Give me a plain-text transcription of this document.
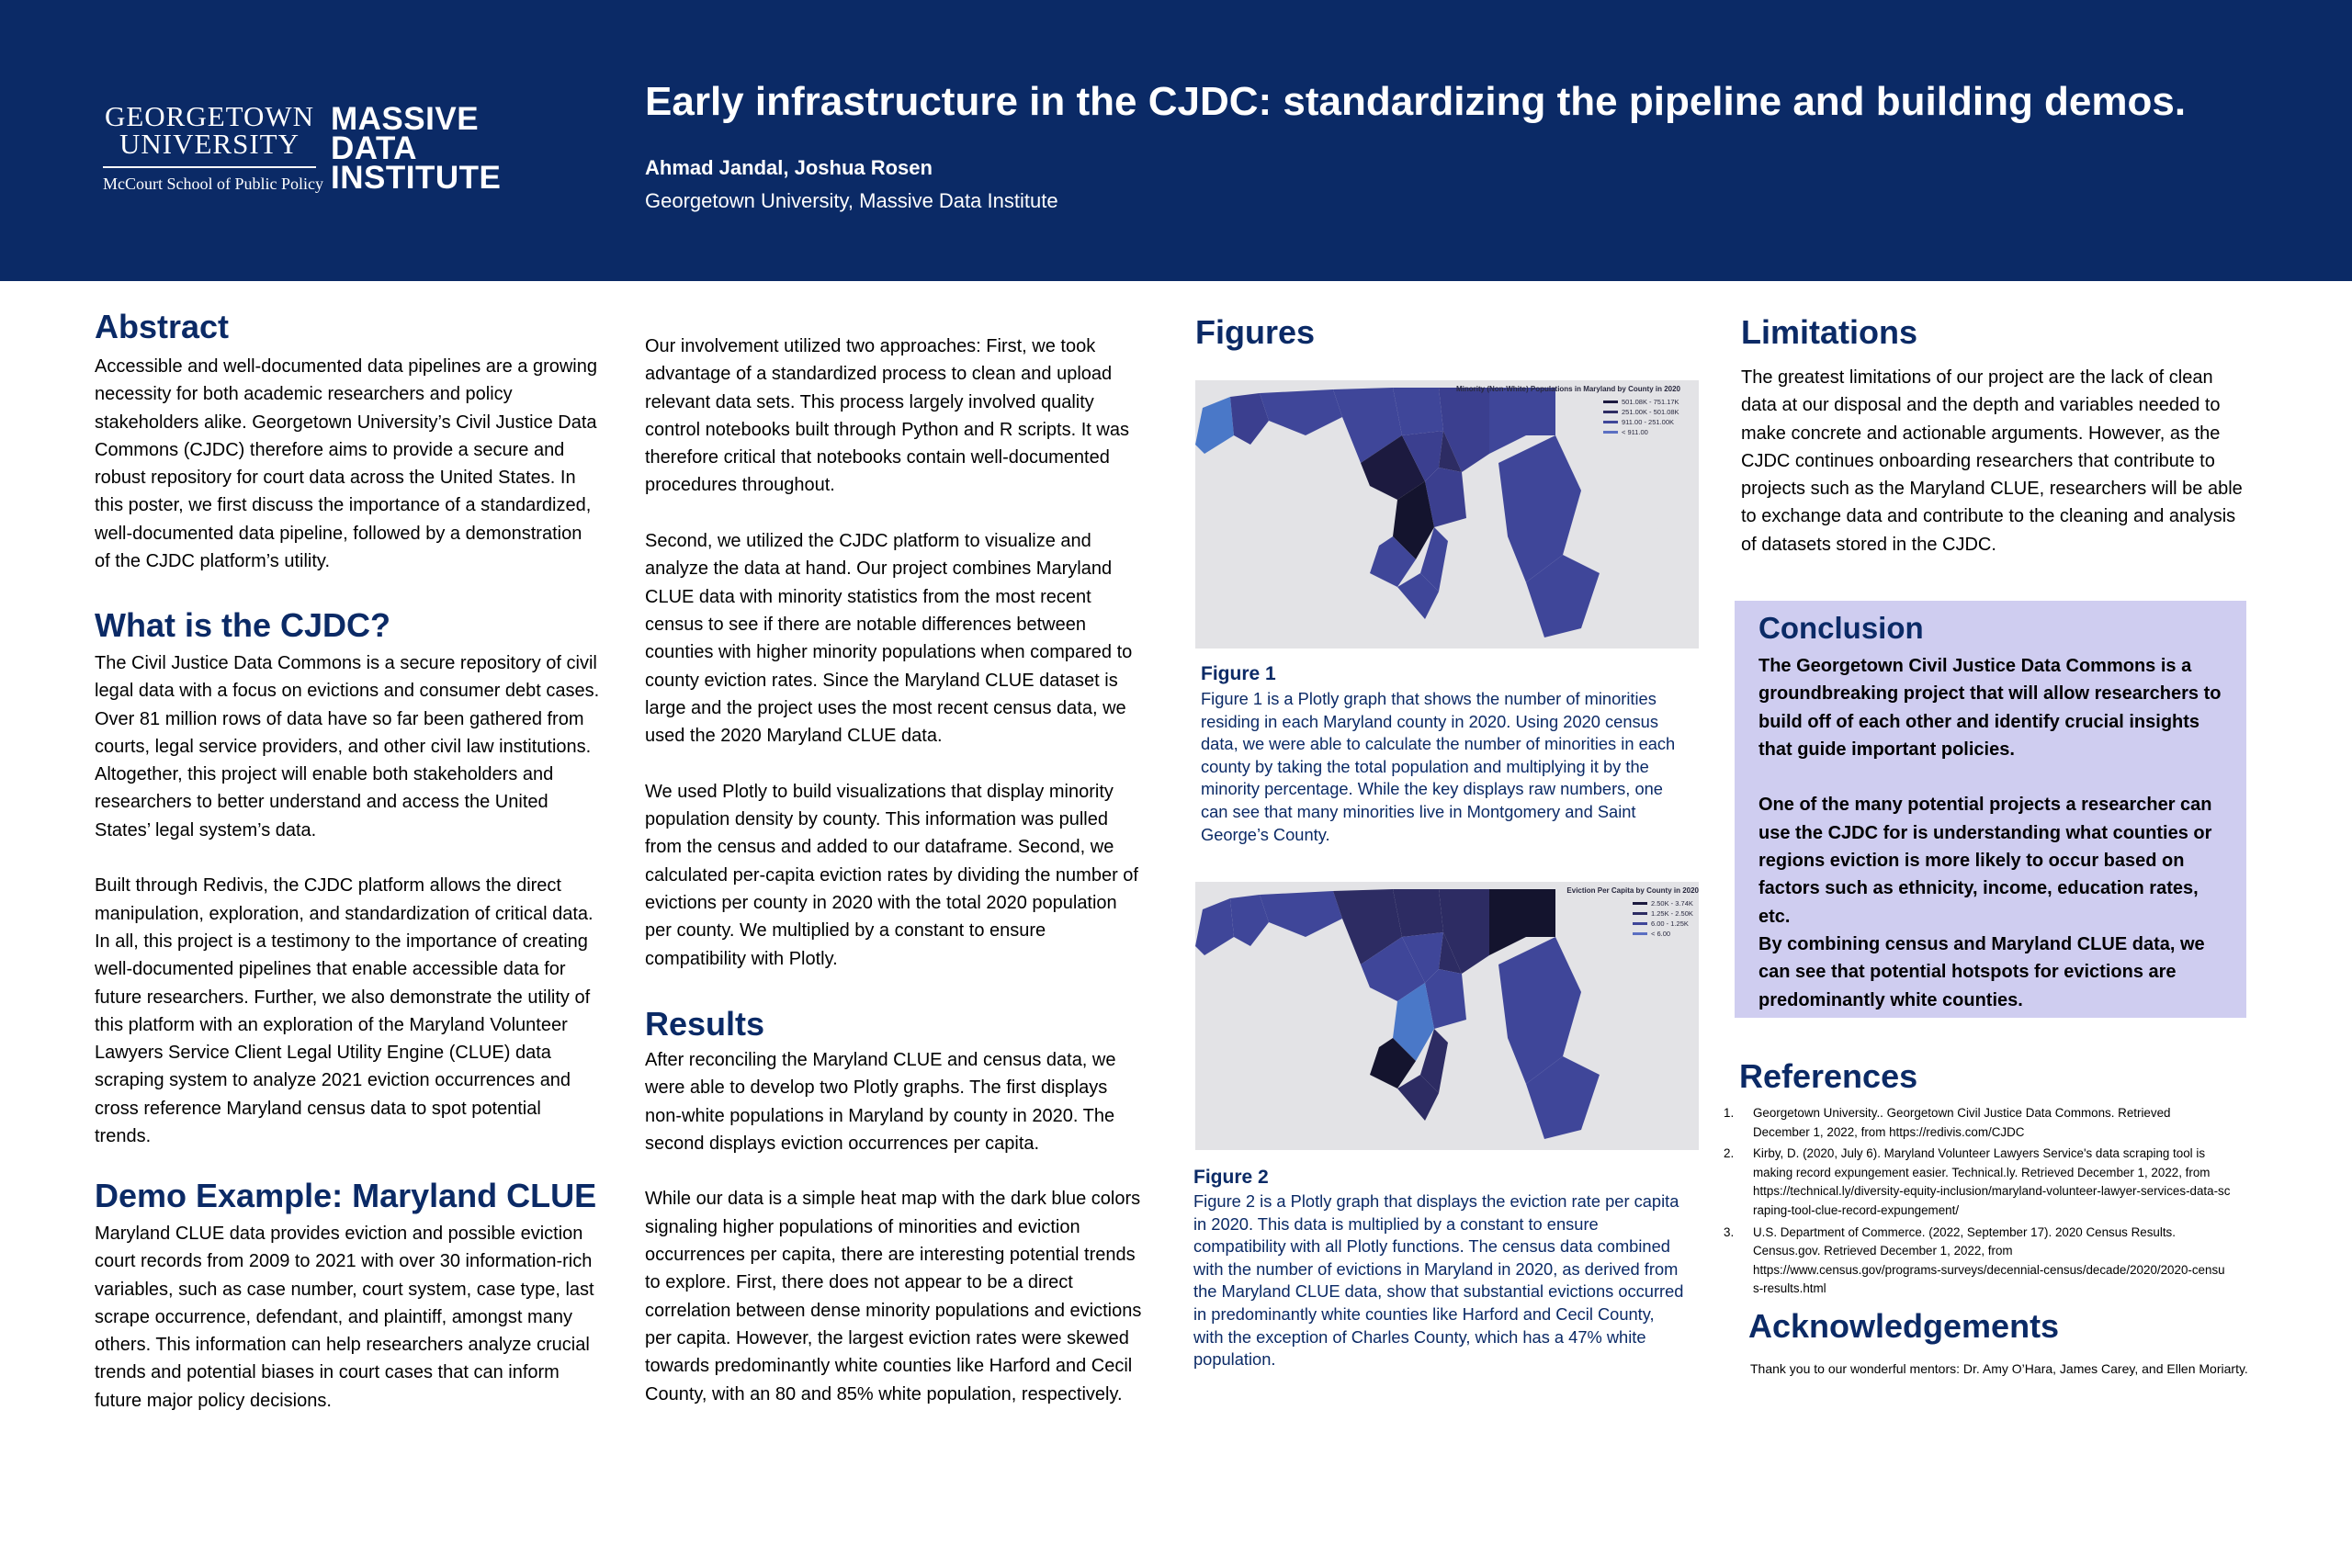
GEORGETOWN
UNIVERSITY
McCourt School of Public Policy
MASSIVE
DATA
INSTITUTE
Early infrastructure in the CJDC: standardizing the pipeline and building demos.
Ahmad Jandal, Joshua Rosen
Georgetown University, Massive Data Institute
Abstract
Accessible and well-documented data pipelines are a growing
necessity for both academic researchers and policy
stakeholders alike. Georgetown University’s Civil Justice Data
Commons (CJDC) therefore aims to provide a secure and
robust repository for court data across the United States. In
this poster, we first discuss the importance of a standardized,
well-documented data pipeline, followed by a demonstration
of the CJDC platform’s utility.
What is the CJDC?
The Civil Justice Data Commons is a secure repository of civil
legal data with a focus on evictions and consumer debt cases.
Over 81 million rows of data have so far been gathered from
courts, legal service providers, and other civil law institutions.
Altogether, this project will enable both stakeholders and
researchers to better understand and access the United
States’ legal system’s data.

Built through Redivis, the CJDC platform allows the direct
manipulation, exploration, and standardization of critical data.
In all, this project is a testimony to the importance of creating
well-documented pipelines that enable accessible data for
future researchers. Further, we also demonstrate the utility of
this platform with an exploration of the Maryland Volunteer
Lawyers Service Client Legal Utility Engine (CLUE) data
scraping system to analyze 2021 eviction occurrences and
cross reference Maryland census data to spot potential
trends.
Demo Example: Maryland CLUE
Maryland CLUE data provides eviction and possible eviction
court records from 2009 to 2021 with over 30 information-rich
variables, such as case number, court system, case type, last
scrape occurrence, defendant, and plaintiff, amongst many
others. This information can help researchers analyze crucial
trends and potential biases in court cases that can inform
future major policy decisions.
Our involvement utilized two approaches: First, we took
advantage of a standardized process to clean and upload
relevant data sets. This process largely involved quality
control notebooks built through Python and R scripts. It was
therefore critical that notebooks contain well-documented
procedures throughout.

Second, we utilized the CJDC platform to visualize and
analyze the data at hand. Our project combines Maryland
CLUE data with minority statistics from the most recent
census to see if there are notable differences between
counties with higher minority populations when compared to
county eviction rates. Since the Maryland CLUE dataset is
large and the project uses the most recent census data, we
used the 2020 Maryland CLUE data.

We used Plotly to build visualizations that display minority
population density by county. This information was pulled
from the census and added to our dataframe. Second, we
calculated per-capita eviction rates by dividing the number of
evictions per county in 2020 with the total 2020 population
per county. We multiplied by a constant to ensure
compatibility with Plotly.
Results
After reconciling the Maryland CLUE and census data, we
were able to develop two Plotly graphs. The first displays
non-white populations in Maryland by county in 2020. The
second displays eviction occurrences per capita.

While our data is a simple heat map with the dark blue colors
signaling higher populations of minorities and eviction
occurrences per capita, there are interesting potential trends
to explore. First, there does not appear to be a direct
correlation between dense minority populations and evictions
per capita. However, the largest eviction rates were skewed
towards predominantly white counties like Harford and Cecil
County, with an 80 and 85% white population, respectively.
Figures
Minority (Non-White) Populations in Maryland by County in 2020
501.08K - 751.17K
251.00K - 501.08K
911.00 - 251.00K
< 911.00
Figure 1
Figure 1 is a Plotly graph that shows the number of minorities
residing in each Maryland county in 2020. Using 2020 census
data, we were able to calculate the number of minorities in each
county by taking the total population and multiplying it by the
minority percentage. While the key displays raw numbers, one
can see that many minorities live in Montgomery and Saint
George’s County.
Eviction Per Capita by County in 2020
2.50K - 3.74K
1.25K - 2.50K
6.00 - 1.25K
< 6.00
Figure 2
Figure 2 is a Plotly graph that displays the eviction rate per capita
in 2020. This data is multiplied by a constant to ensure
compatibility with all Plotly functions. The census data combined
with the number of evictions in Maryland in 2020, as derived from
the Maryland CLUE data, show that substantial evictions occurred
in predominantly white counties like Harford and Cecil County,
with the exception of Charles County, which has a 47% white
population.
Limitations
The greatest limitations of our project are the lack of clean
data at our disposal and the depth and variables needed to
make concrete and actionable arguments. However, as the
CJDC continues onboarding researchers that contribute to
projects such as the Maryland CLUE, researchers will be able
to exchange data and contribute to the cleaning and analysis
of datasets stored in the CJDC.
Conclusion
The Georgetown Civil Justice Data Commons is a
groundbreaking project that will allow researchers to
build off of each other and identify crucial insights
that guide important policies.

One of the many potential projects a researcher can
use the CJDC for is understanding what counties or
regions eviction is more likely to occur based on
factors such as ethnicity, income, education rates, etc.
By combining census and Maryland CLUE data, we
can see that potential hotspots for evictions are
predominantly white counties.
References
1.	Georgetown University.. Georgetown Civil Justice Data Commons. Retrieved
December 1, 2022, from https://redivis.com/CJDC
2.	Kirby, D. (2020, July 6). Maryland Volunteer Lawyers Service's data scraping tool is
making record expungement easier. Technical.ly. Retrieved December 1, 2022, from
https://technical.ly/diversity-equity-inclusion/maryland-volunteer-lawyer-services-data-sc
raping-tool-clue-record-expungement/
3.	U.S. Department of Commerce. (2022, September 17). 2020 Census Results.
Census.gov. Retrieved December 1, 2022, from
https://www.census.gov/programs-surveys/decennial-census/decade/2020/2020-censu
s-results.html
Acknowledgements
Thank you to our wonderful mentors: Dr. Amy O’Hara, James Carey, and Ellen Moriarty.
